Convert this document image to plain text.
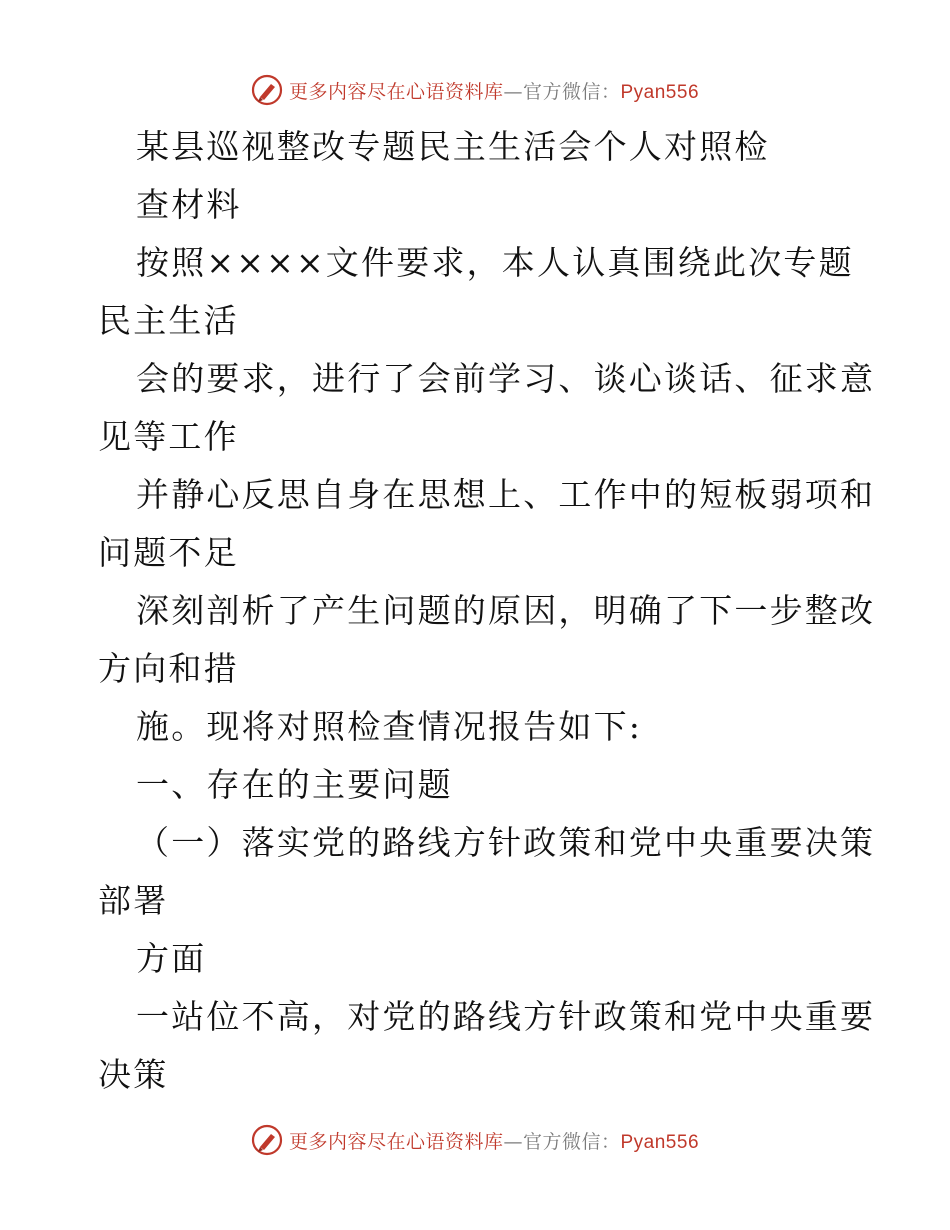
更多内容尽在心语资料库—官方微信：Pyan556
某县巡视整改专题民主生活会个人对照检
查材料
按照××××文件要求，本人认真围绕此次专题
民主生活
会的要求，进行了会前学习、谈心谈话、征求意
见等工作
并静心反思自身在思想上、工作中的短板弱项和
问题不足
深刻剖析了产生问题的原因，明确了下一步整改
方向和措
施。现将对照检查情况报告如下:
一、存在的主要问题
（一）落实党的路线方针政策和党中央重要决策
部署
方面
一站位不高，对党的路线方针政策和党中央重要
决策
更多内容尽在心语资料库—官方微信：Pyan556
